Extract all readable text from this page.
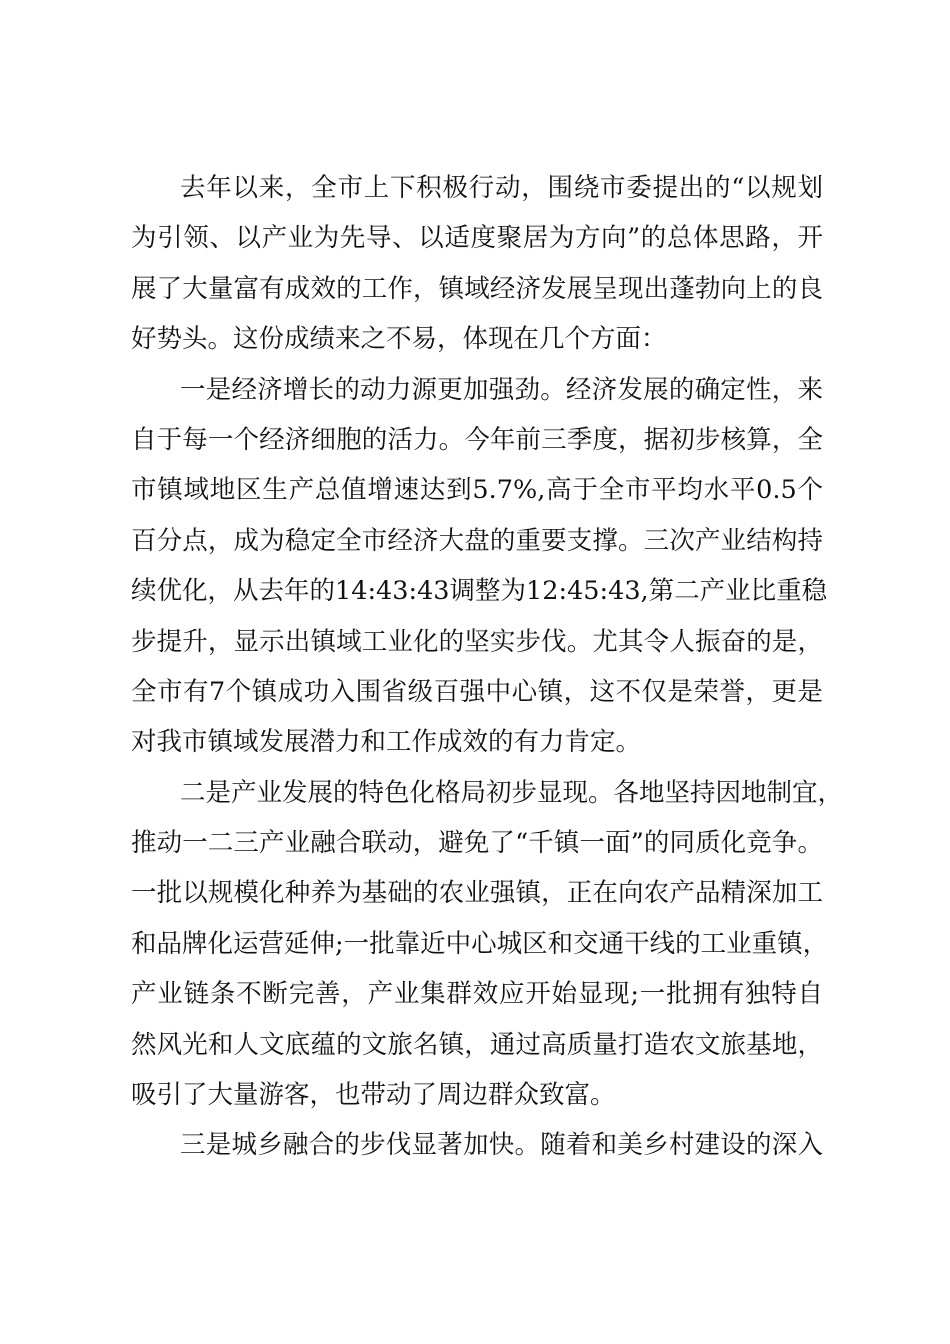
去年以来，全市上下积极行动，围绕市委提出的“以规划
为引领、以产业为先导、以适度聚居为方向”的总体思路，开
展了大量富有成效的工作，镇域经济发展呈现出蓬勃向上的良
好势头。这份成绩来之不易，体现在几个方面：
一是经济增长的动力源更加强劲。经济发展的确定性，来
自于每一个经济细胞的活力。今年前三季度，据初步核算，全
市镇域地区生产总值增速达到5.7%,高于全市平均水平0.5个
百分点，成为稳定全市经济大盘的重要支撑。三次产业结构持
续优化，从去年的14:43:43调整为12:45:43,第二产业比重稳
步提升，显示出镇域工业化的坚实步伐。尤其令人振奋的是，
全市有7个镇成功入围省级百强中心镇，这不仅是荣誉，更是
对我市镇域发展潜力和工作成效的有力肯定。
二是产业发展的特色化格局初步显现。各地坚持因地制宜，
推动一二三产业融合联动，避免了“千镇一面”的同质化竞争。
一批以规模化种养为基础的农业强镇，正在向农产品精深加工
和品牌化运营延伸;一批靠近中心城区和交通干线的工业重镇，
产业链条不断完善，产业集群效应开始显现;一批拥有独特自
然风光和人文底蕴的文旅名镇，通过高质量打造农文旅基地，
吸引了大量游客，也带动了周边群众致富。
三是城乡融合的步伐显著加快。随着和美乡村建设的深入
